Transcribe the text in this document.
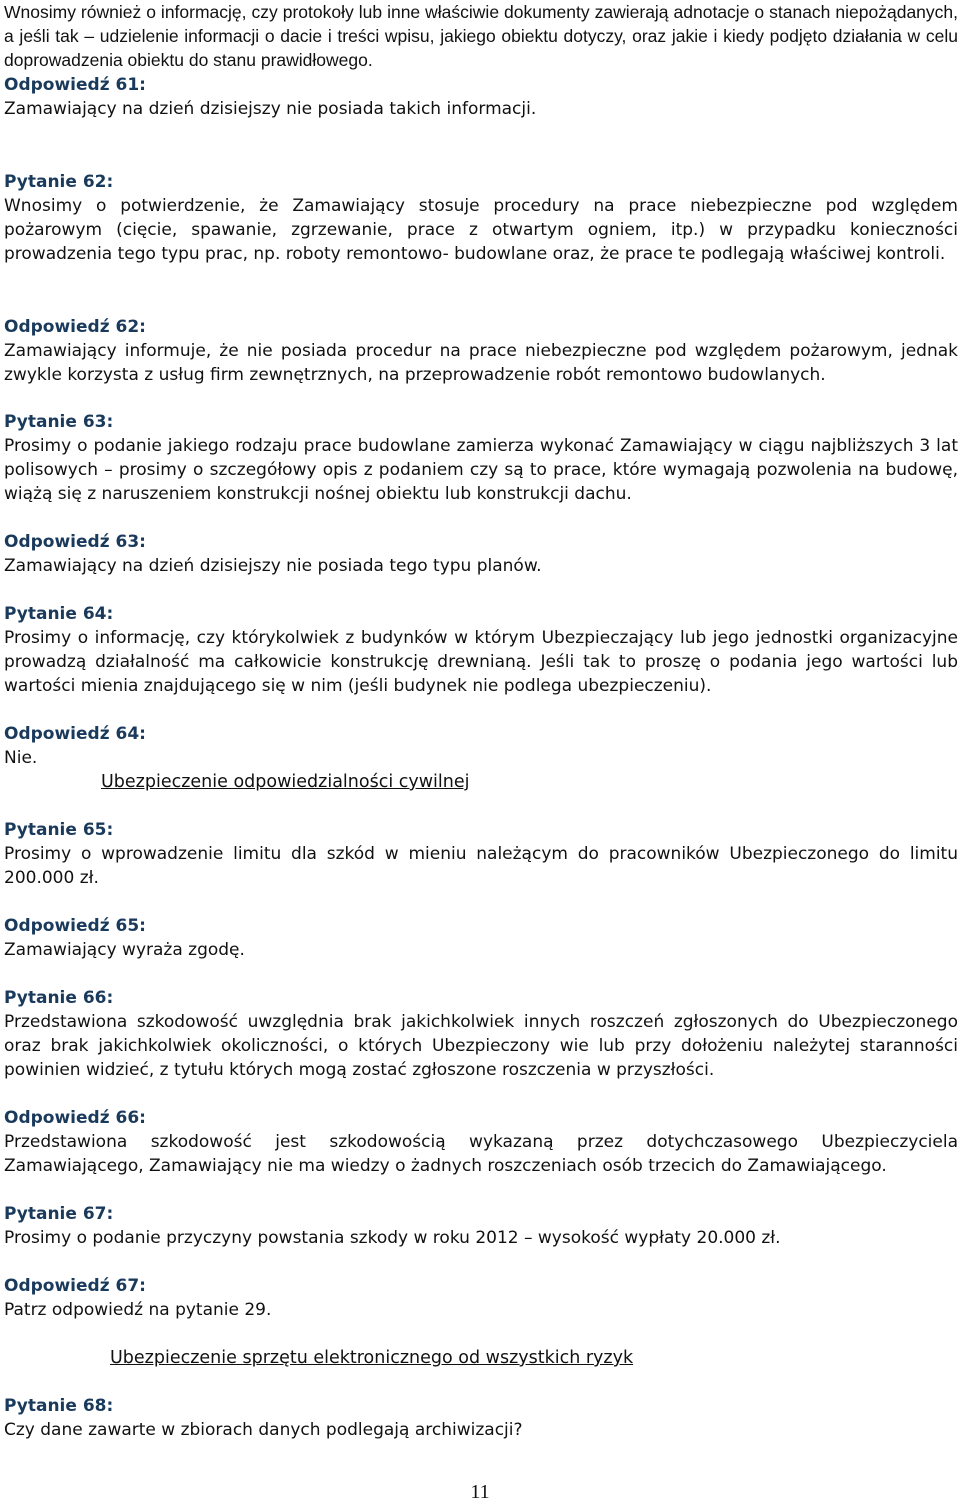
Wnosimy również o informację, czy protokoły lub inne właściwie dokumenty zawierają adnotacje o stanach niepożądanych, a jeśli tak – udzielenie informacji o dacie i treści wpisu, jakiego obiektu dotyczy, oraz jakie i kiedy podjęto działania w celu doprowadzenia obiektu do stanu prawidłowego.

Odpowiedź 61:

Zamawiający na dzień dzisiejszy nie posiada takich informacji.

Pytanie 62:

Wnosimy o potwierdzenie, że Zamawiający stosuje procedury na prace niebezpieczne pod względem pożarowym (cięcie, spawanie, zgrzewanie, prace z otwartym ogniem, itp.) w przypadku konieczności prowadzenia tego typu prac, np. roboty remontowo- budowlane oraz, że prace te podlegają właściwej kontroli.

Odpowiedź 62:

Zamawiający informuje, że nie posiada procedur na prace niebezpieczne pod względem pożarowym, jednak zwykle korzysta z usług firm zewnętrznych, na przeprowadzenie robót remontowo budowlanych.

Pytanie 63:

Prosimy o podanie jakiego rodzaju prace budowlane zamierza wykonać Zamawiający w ciągu najbliższych 3 lat polisowych – prosimy o szczegółowy opis z podaniem czy są to prace, które wymagają pozwolenia na budowę, wiążą się z naruszeniem konstrukcji nośnej obiektu lub konstrukcji dachu.

Odpowiedź 63:

Zamawiający na dzień dzisiejszy nie posiada tego typu planów.

Pytanie 64:

Prosimy o informację, czy którykolwiek z budynków w którym Ubezpieczający lub jego jednostki organizacyjne prowadzą działalność ma całkowicie konstrukcję drewnianą. Jeśli tak to proszę o podania jego wartości lub wartości mienia znajdującego się w nim (jeśli budynek nie podlega ubezpieczeniu).

Odpowiedź 64:

Nie.

Ubezpieczenie odpowiedzialności cywilnej

Pytanie 65:

Prosimy o wprowadzenie limitu dla szkód w mieniu należącym do pracowników Ubezpieczonego do limitu 200.000 zł.

Odpowiedź 65:

Zamawiający wyraża zgodę.

Pytanie 66:

Przedstawiona szkodowość uwzględnia brak jakichkolwiek innych roszczeń zgłoszonych do Ubezpieczonego oraz brak jakichkolwiek okoliczności, o których Ubezpieczony wie lub przy dołożeniu należytej staranności powinien widzieć, z tytułu których mogą zostać zgłoszone roszczenia w przyszłości.

Odpowiedź 66:

Przedstawiona szkodowość jest szkodowością wykazaną przez dotychczasowego Ubezpieczyciela Zamawiającego, Zamawiający nie ma wiedzy o żadnych roszczeniach osób trzecich do Zamawiającego.

Pytanie 67:

Prosimy o podanie przyczyny powstania szkody w roku 2012 – wysokość wypłaty 20.000 zł.

Odpowiedź 67:

Patrz odpowiedź na pytanie 29.

Ubezpieczenie sprzętu elektronicznego od wszystkich ryzyk

Pytanie 68:

Czy dane zawarte w zbiorach danych podlegają archiwizacji?

11
